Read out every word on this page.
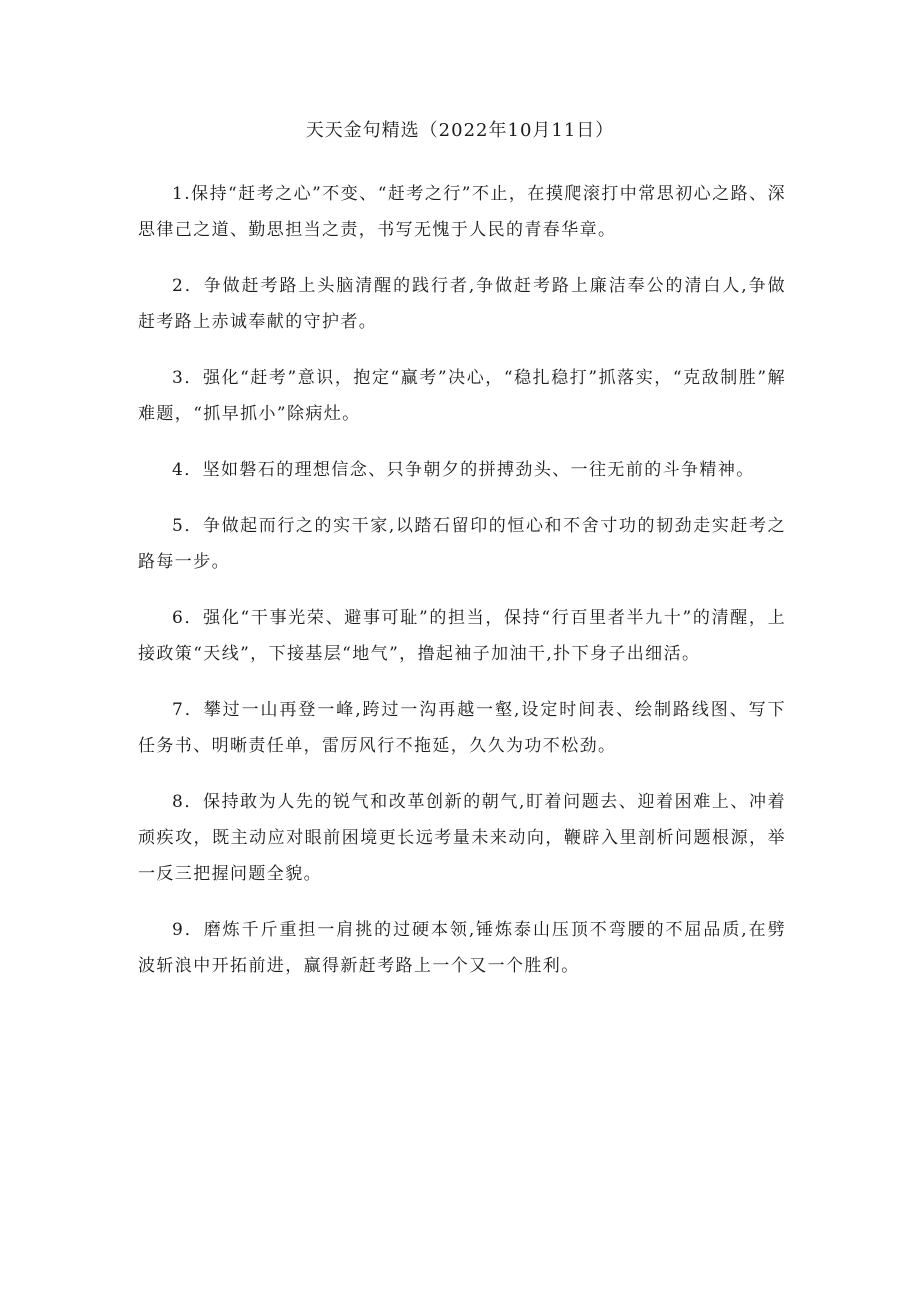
天天金句精选（2022年10月11日）

1.保持“赶考之心”不变、“赶考之行”不止，在摸爬滚打中常思初心之路、深思律己之道、勤思担当之责，书写无愧于人民的青春华章。

2．争做赶考路上头脑清醒的践行者,争做赶考路上廉洁奉公的清白人,争做赶考路上赤诚奉献的守护者。

3．强化“赶考”意识，抱定“赢考”决心，“稳扎稳打”抓落实，“克敌制胜”解难题，“抓早抓小”除病灶。

4．坚如磐石的理想信念、只争朝夕的拼搏劲头、一往无前的斗争精神。

5．争做起而行之的实干家,以踏石留印的恒心和不舍寸功的韧劲走实赶考之路每一步。

6．强化“干事光荣、避事可耻”的担当，保持“行百里者半九十”的清醒，上接政策“天线”，下接基层“地气”，撸起袖子加油干,扑下身子出细活。

7．攀过一山再登一峰,跨过一沟再越一壑,设定时间表、绘制路线图、写下任务书、明晰责任单，雷厉风行不拖延，久久为功不松劲。

8．保持敢为人先的锐气和改革创新的朝气,盯着问题去、迎着困难上、冲着顽疾攻，既主动应对眼前困境更长远考量未来动向，鞭辟入里剖析问题根源，举一反三把握问题全貌。

9．磨炼千斤重担一肩挑的过硬本领,锤炼泰山压顶不弯腰的不屈品质,在劈波斩浪中开拓前进，赢得新赶考路上一个又一个胜利。
